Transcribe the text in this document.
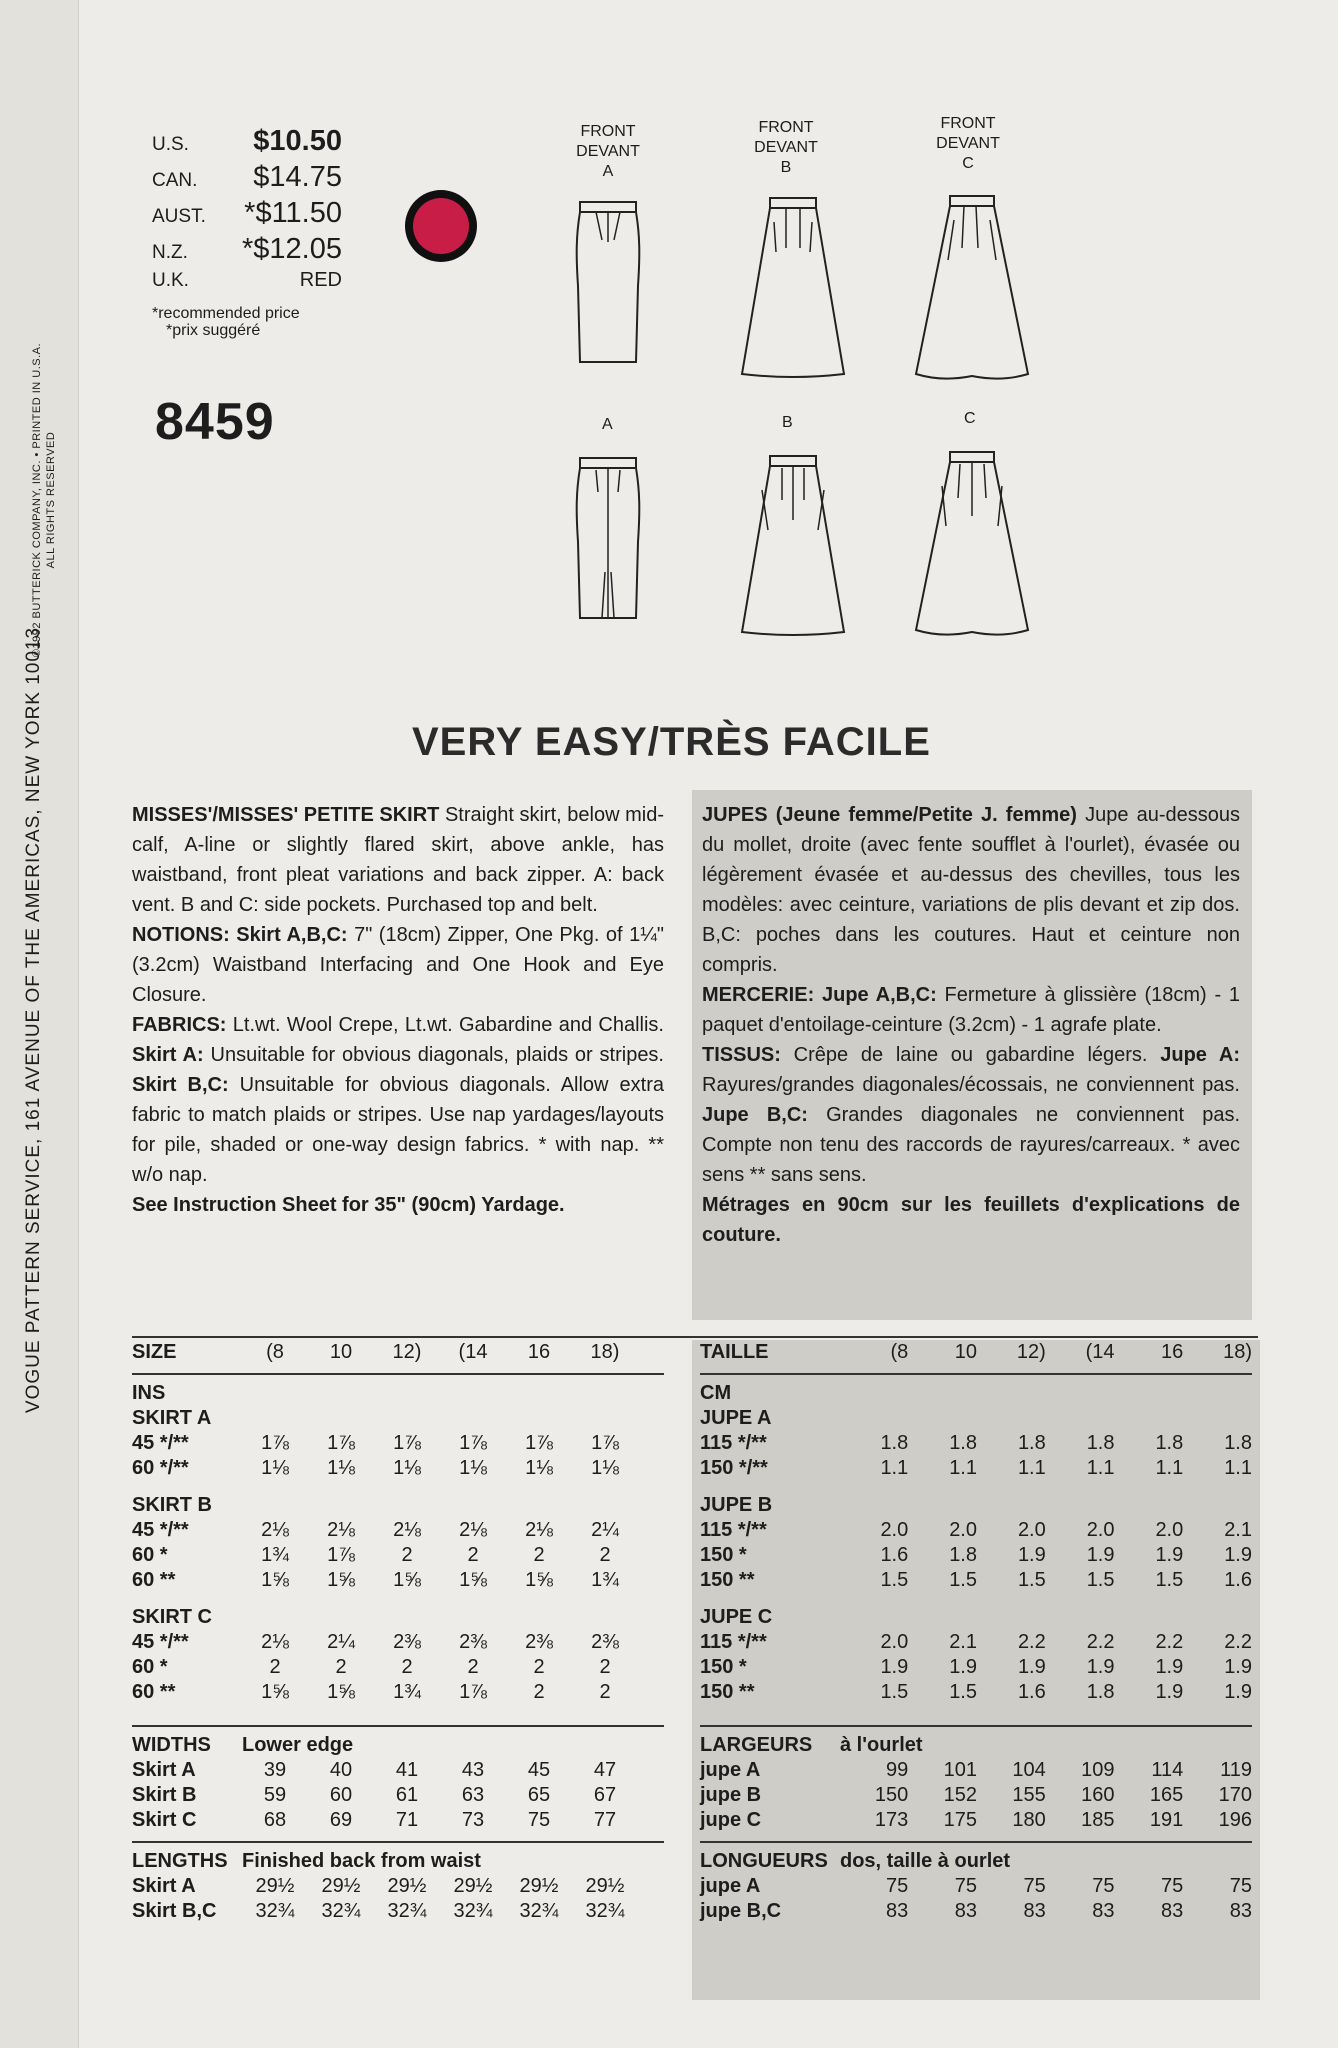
VOGUE PATTERN SERVICE, 161 AVENUE OF THE AMERICAS, NEW YORK 10013
©1992 BUTTERICK COMPANY, INC. • PRINTED IN U.S.A. ALL RIGHTS RESERVED
U.S. $10.50
CAN. $14.75
AUST. *$11.50
N.Z. *$12.05
U.K.	RED
*recommended price
*prix suggéré
8459
FRONT
DEVANT
A
FRONT
DEVANT
B
FRONT
DEVANT
C
A	B	C
VERY EASY/TRÈS FACILE
MISSES'/MISSES' PETITE SKIRT Straight skirt, below mid-calf, A-line or slightly flared skirt, above ankle, has waistband, front pleat variations and back zipper. A: back vent. B and C: side pockets. Purchased top and belt.
NOTIONS: Skirt A,B,C: 7" (18cm) Zipper, One Pkg. of 1¼" (3.2cm) Waistband Interfacing and One Hook and Eye Closure.
FABRICS: Lt.wt. Wool Crepe, Lt.wt. Gabardine and Challis. Skirt A: Unsuitable for obvious diagonals, plaids or stripes. Skirt B,C: Unsuitable for obvious diagonals. Allow extra fabric to match plaids or stripes. Use nap yardages/layouts for pile, shaded or one-way design fabrics. * with nap. ** w/o nap.
See Instruction Sheet for 35" (90cm) Yardage.
JUPES (Jeune femme/Petite J. femme) Jupe au-dessous du mollet, droite (avec fente soufflet à l'ourlet), évasée ou légèrement évasée et au-dessus des chevilles, tous les modèles: avec ceinture, variations de plis devant et zip dos. B,C: poches dans les coutures. Haut et ceinture non compris.
MERCERIE: Jupe A,B,C: Fermeture à glissière (18cm) - 1 paquet d'entoilage-ceinture (3.2cm) - 1 agrafe plate.
TISSUS: Crêpe de laine ou gabardine légers. Jupe A: Rayures/grandes diagonales/écossais, ne conviennent pas. Jupe B,C: Grandes diagonales ne conviennent pas. Compte non tenu des raccords de rayures/carreaux. * avec sens ** sans sens.
Métrages en 90cm sur les feuillets d'explications de couture.
SIZE	(8	10	12)	(14	16	18)
INS
SKIRT A
45 */**	1⅞	1⅞	1⅞	1⅞	1⅞	1⅞
60 */**	1⅛	1⅛	1⅛	1⅛	1⅛	1⅛
SKIRT B
45 */**	2⅛	2⅛	2⅛	2⅛	2⅛	2¼
60 *	1¾	1⅞	2	2	2	2
60 **	1⅝	1⅝	1⅝	1⅝	1⅝	1¾
SKIRT C
45 */**	2⅛	2¼	2⅜	2⅜	2⅜	2⅜
60 *	2	2	2	2	2	2
60 **	1⅝	1⅝	1¾	1⅞	2	2
WIDTHS	Lower edge
Skirt A	39	40	41	43	45	47
Skirt B	59	60	61	63	65	67
Skirt C	68	69	71	73	75	77
LENGTHS Finished back from waist
Skirt A	29½	29½	29½	29½	29½	29½
Skirt B,C	32¾	32¾	32¾	32¾	32¾	32¾
TAILLE	(8	10	12)	(14	16	18)
CM
JUPE A
115 */**	1.8	1.8	1.8	1.8	1.8	1.8
150 */**	1.1	1.1	1.1	1.1	1.1	1.1
JUPE B
115 */**	2.0	2.0	2.0	2.0	2.0	2.1
150 *	1.6	1.8	1.9	1.9	1.9	1.9
150 **	1.5	1.5	1.5	1.5	1.5	1.6
JUPE C
115 */**	2.0	2.1	2.2	2.2	2.2	2.2
150 *	1.9	1.9	1.9	1.9	1.9	1.9
150 **	1.5	1.5	1.6	1.8	1.9	1.9
LARGEURS	à l'ourlet
jupe A	99	101	104	109	114	119
jupe B	150	152	155	160	165	170
jupe C	173	175	180	185	191	196
LONGUEURS dos, taille à ourlet
jupe A	75	75	75	75	75	75
jupe B,C	83	83	83	83	83	83
